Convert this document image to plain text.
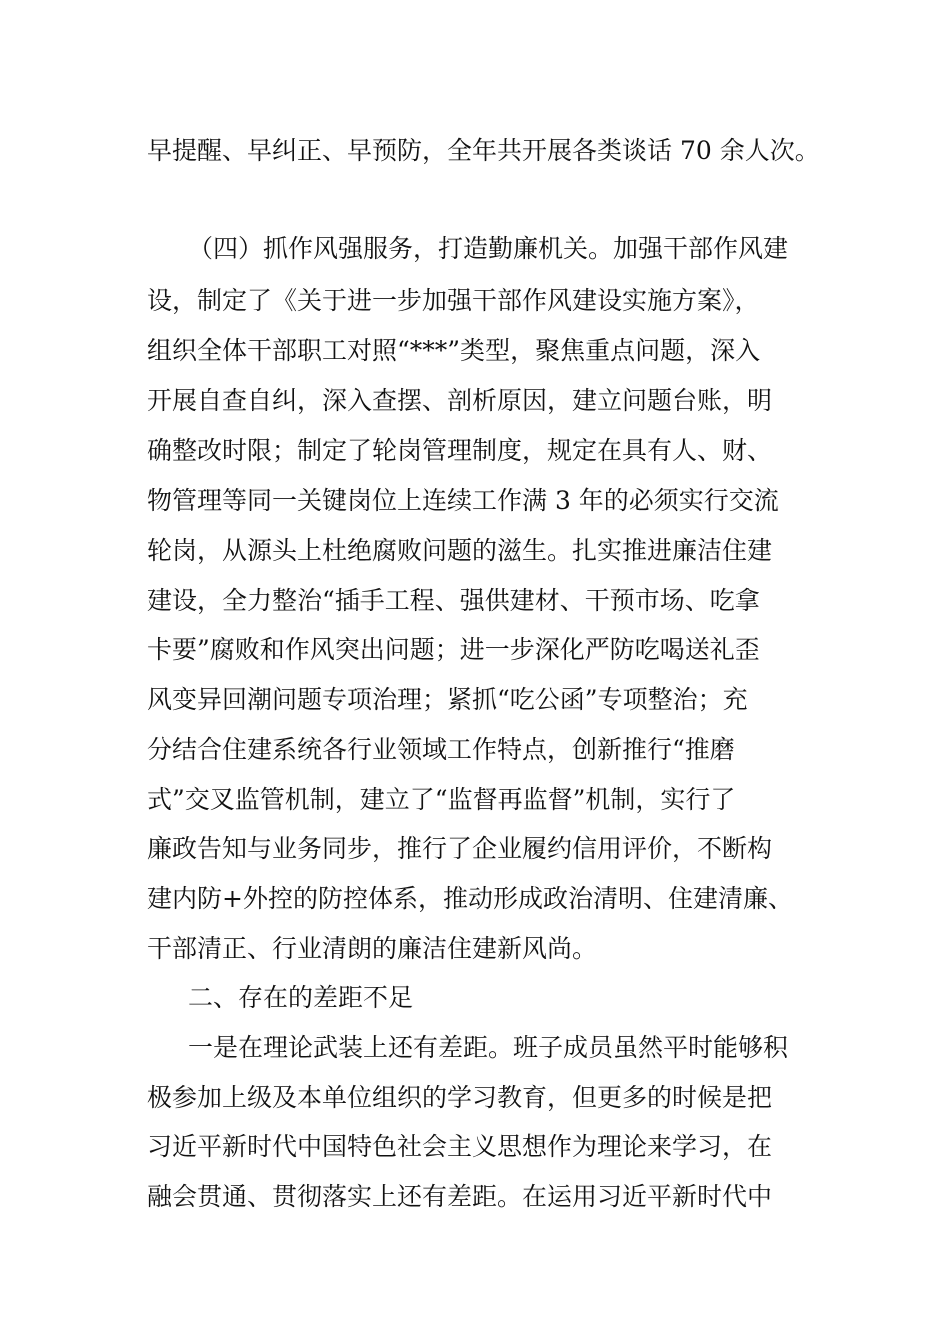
早提醒、早纠正、早预防，全年共开展各类谈话 70 余人次。

（四）抓作风强服务，打造勤廉机关。加强干部作风建

设，制定了《关于进一步加强干部作风建设实施方案》，

组织全体干部职工对照“***”类型，聚焦重点问题，深入

开展自查自纠，深入查摆、剖析原因，建立问题台账，明

确整改时限；制定了轮岗管理制度，规定在具有人、财、

物管理等同一关键岗位上连续工作满 3 年的必须实行交流

轮岗，从源头上杜绝腐败问题的滋生。扎实推进廉洁住建

建设，全力整治“插手工程、强供建材、干预市场、吃拿

卡要”腐败和作风突出问题；进一步深化严防吃喝送礼歪

风变异回潮问题专项治理；紧抓“吃公函”专项整治；充

分结合住建系统各行业领域工作特点，创新推行“推磨

式”交叉监管机制，建立了“监督再监督”机制，实行了

廉政告知与业务同步，推行了企业履约信用评价，不断构

建内防+外控的防控体系，推动形成政治清明、住建清廉、

干部清正、行业清朗的廉洁住建新风尚。

二、存在的差距不足

一是在理论武装上还有差距。班子成员虽然平时能够积

极参加上级及本单位组织的学习教育，但更多的时候是把

习近平新时代中国特色社会主义思想作为理论来学习，在

融会贯通、贯彻落实上还有差距。在运用习近平新时代中
